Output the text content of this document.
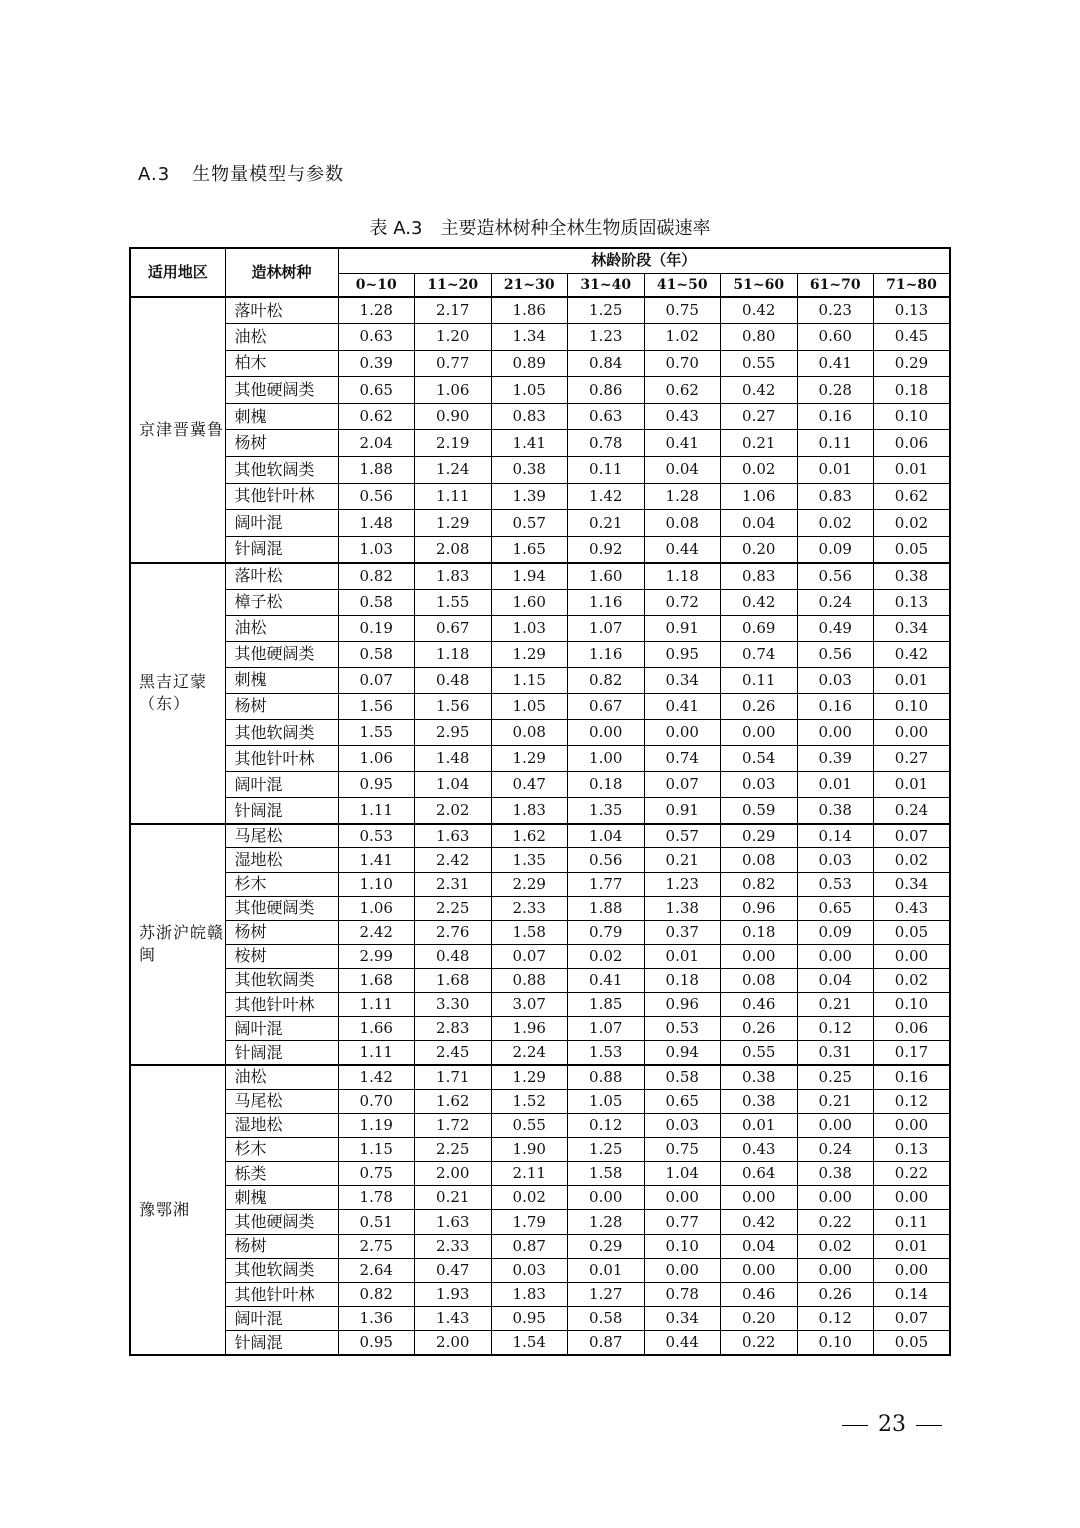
A.3 生物量模型与参数
表 A.3 主要造林树种全林生物质固碳速率
适用地区	造林树种	林龄阶段（年）							
		0~10	11~20	21~30	31~40	41~50	51~60	61~70	71~80
京津晋冀鲁	落叶松	1.28	2.17	1.86	1.25	0.75	0.42	0.23	0.13
	油松	0.63	1.20	1.34	1.23	1.02	0.80	0.60	0.45
	柏木	0.39	0.77	0.89	0.84	0.70	0.55	0.41	0.29
	其他硬阔类	0.65	1.06	1.05	0.86	0.62	0.42	0.28	0.18
	刺槐	0.62	0.90	0.83	0.63	0.43	0.27	0.16	0.10
	杨树	2.04	2.19	1.41	0.78	0.41	0.21	0.11	0.06
	其他软阔类	1.88	1.24	0.38	0.11	0.04	0.02	0.01	0.01
	其他针叶林	0.56	1.11	1.39	1.42	1.28	1.06	0.83	0.62
	阔叶混	1.48	1.29	0.57	0.21	0.08	0.04	0.02	0.02
	针阔混	1.03	2.08	1.65	0.92	0.44	0.20	0.09	0.05
黑吉辽蒙（东）	落叶松	0.82	1.83	1.94	1.60	1.18	0.83	0.56	0.38
	樟子松	0.58	1.55	1.60	1.16	0.72	0.42	0.24	0.13
	油松	0.19	0.67	1.03	1.07	0.91	0.69	0.49	0.34
	其他硬阔类	0.58	1.18	1.29	1.16	0.95	0.74	0.56	0.42
	刺槐	0.07	0.48	1.15	0.82	0.34	0.11	0.03	0.01
	杨树	1.56	1.56	1.05	0.67	0.41	0.26	0.16	0.10
	其他软阔类	1.55	2.95	0.08	0.00	0.00	0.00	0.00	0.00
	其他针叶林	1.06	1.48	1.29	1.00	0.74	0.54	0.39	0.27
	阔叶混	0.95	1.04	0.47	0.18	0.07	0.03	0.01	0.01
	针阔混	1.11	2.02	1.83	1.35	0.91	0.59	0.38	0.24
苏浙沪皖赣闽	马尾松	0.53	1.63	1.62	1.04	0.57	0.29	0.14	0.07
	湿地松	1.41	2.42	1.35	0.56	0.21	0.08	0.03	0.02
	杉木	1.10	2.31	2.29	1.77	1.23	0.82	0.53	0.34
	其他硬阔类	1.06	2.25	2.33	1.88	1.38	0.96	0.65	0.43
	杨树	2.42	2.76	1.58	0.79	0.37	0.18	0.09	0.05
	桉树	2.99	0.48	0.07	0.02	0.01	0.00	0.00	0.00
	其他软阔类	1.68	1.68	0.88	0.41	0.18	0.08	0.04	0.02
	其他针叶林	1.11	3.30	3.07	1.85	0.96	0.46	0.21	0.10
	阔叶混	1.66	2.83	1.96	1.07	0.53	0.26	0.12	0.06
	针阔混	1.11	2.45	2.24	1.53	0.94	0.55	0.31	0.17
豫鄂湘	油松	1.42	1.71	1.29	0.88	0.58	0.38	0.25	0.16
	马尾松	0.70	1.62	1.52	1.05	0.65	0.38	0.21	0.12
	湿地松	1.19	1.72	0.55	0.12	0.03	0.01	0.00	0.00
	杉木	1.15	2.25	1.90	1.25	0.75	0.43	0.24	0.13
	栎类	0.75	2.00	2.11	1.58	1.04	0.64	0.38	0.22
	刺槐	1.78	0.21	0.02	0.00	0.00	0.00	0.00	0.00
	其他硬阔类	0.51	1.63	1.79	1.28	0.77	0.42	0.22	0.11
	杨树	2.75	2.33	0.87	0.29	0.10	0.04	0.02	0.01
	其他软阔类	2.64	0.47	0.03	0.01	0.00	0.00	0.00	0.00
	其他针叶林	0.82	1.93	1.83	1.27	0.78	0.46	0.26	0.14
	阔叶混	1.36	1.43	0.95	0.58	0.34	0.20	0.12	0.07
	针阔混	0.95	2.00	1.54	0.87	0.44	0.22	0.10	0.05
23
